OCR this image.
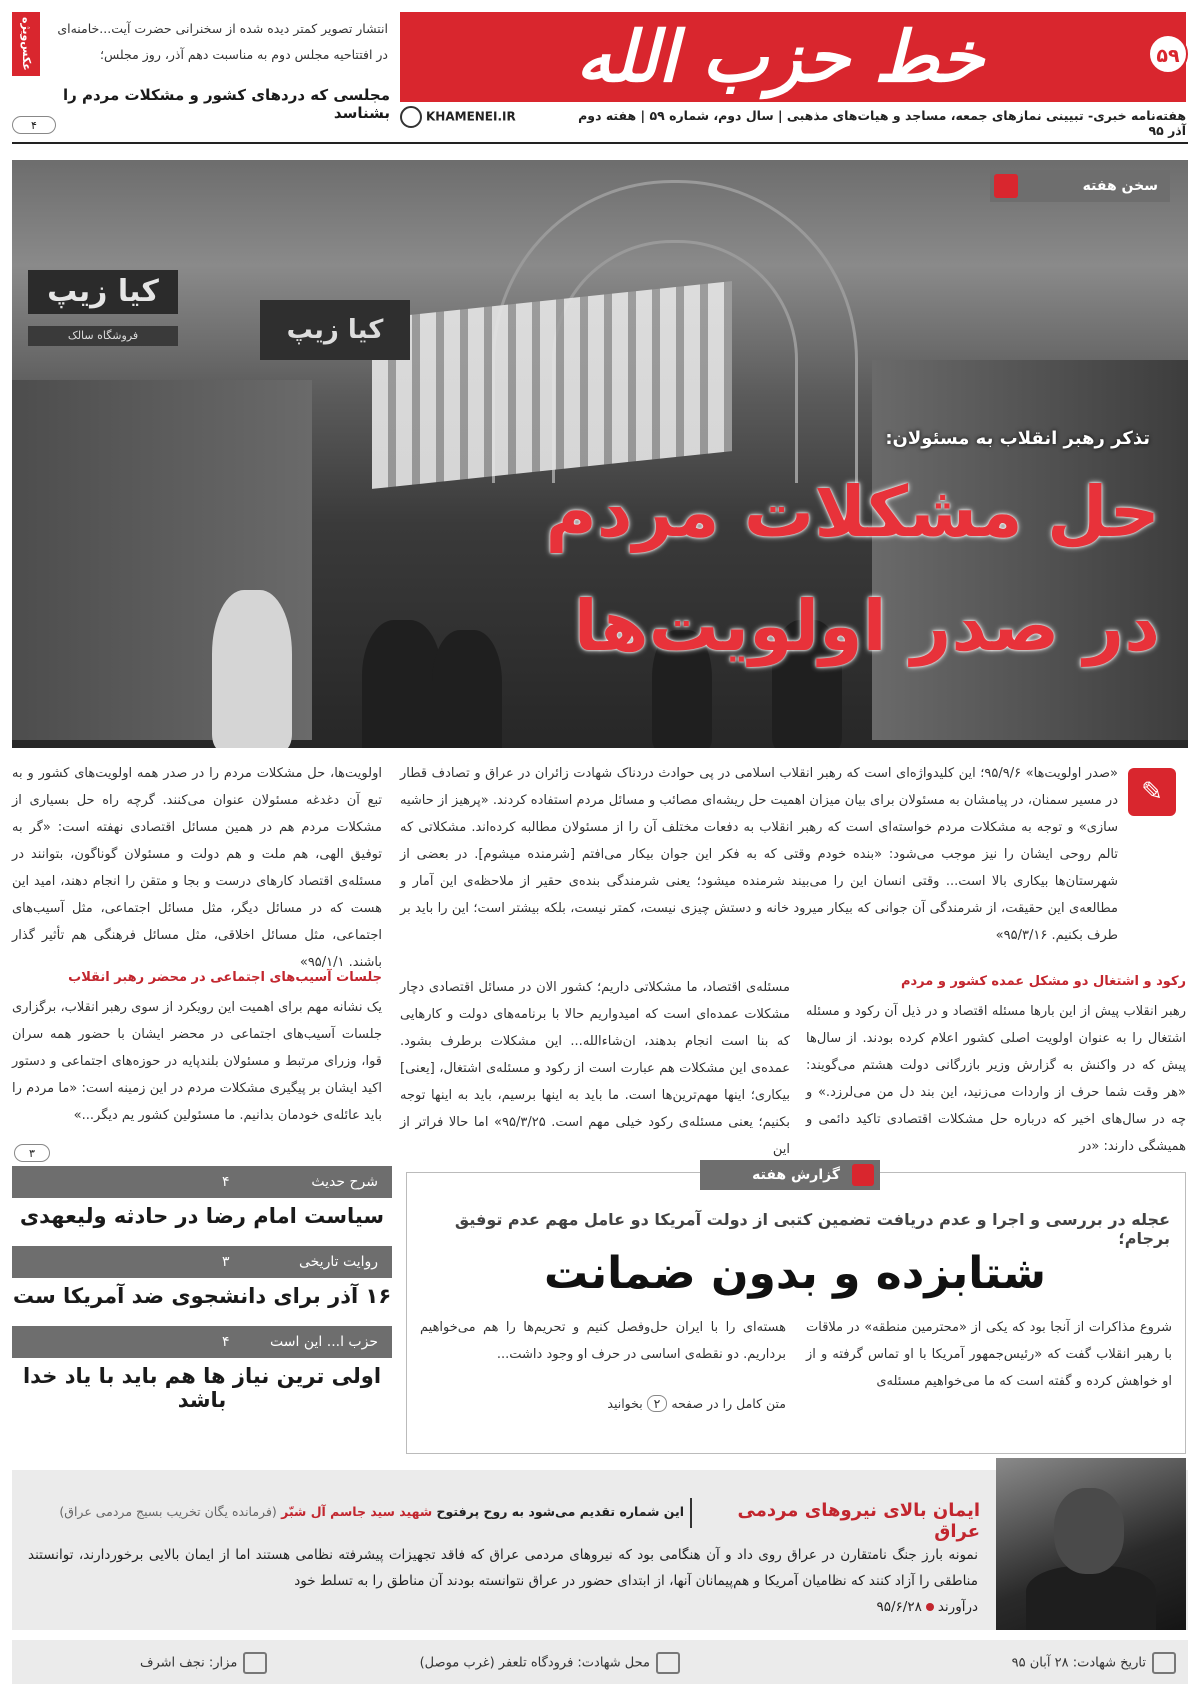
خط حزب الله	۵۹
هفته‌نامه خبری- تبیینی نمازهای جمعه، مساجد و هیات‌های مذهبی | سال دوم، شماره ۵۹ | هفته دوم آذر ۹۵
KHAMENEI.IR
عکس‌ویژه	انتشار تصویر کمتر دیده شده از سخنرانی حضرت آیت...خامنه‌ای در افتتاحیه مجلس دوم به مناسبت دهم آذر، روز مجلس؛
مجلسی که دردهای کشور و مشکلات مردم را بشناسد
۴
کیا زیپ
فروشگاه سالک	کیا زیپ
سخن هفته
تذکر رهبر انقلاب به مسئولان:
حل مشکلات مردم
در صدر اولویت‌ها
✎
«صدر اولویت‌ها» ۹۵/۹/۶؛ این کلیدواژه‌ای است که رهبر انقلاب اسلامی در پی حوادث دردناک شهادت زائران در عراق و تصادف قطار در مسیر سمنان، در پیامشان به مسئولان برای بیان میزان اهمیت حل ریشه‌ای مصائب و مسائل مردم استفاده کردند. «پرهیز از حاشیه سازی» و توجه به مشکلات مردم خواسته‌ای است که رهبر انقلاب به دفعات مختلف آن را از مسئولان مطالبه کرده‌اند. مشکلاتی که تالم روحی ایشان را نیز موجب می‌شود: «بنده خودم وقتی که به فکر این جوان بیکار می‌افتم [شرمنده میشوم]. در بعضی از شهرستان‌ها بیکاری بالا است... وقتی انسان این را می‌بیند شرمنده میشود؛ یعنی شرمندگی بنده‌ی حقیر از ملاحظه‌ی این آمار و مطالعه‌ی این حقیقت، از شرمندگی آن جوانی که بیکار میرود خانه و دستش چیزی نیست، کمتر نیست، بلکه بیشتر است؛ این را باید بر طرف بکنیم. ۹۵/۳/۱۶»
اولویت‌ها، حل مشکلات مردم را در صدر همه اولویت‌های کشور و به تبع آن دغدغه مسئولان عنوان می‌کنند. گرچه راه حل بسیاری از مشکلات مردم هم در همین مسائل اقتصادی نهفته است: «گر به توفیق الهی، هم ملت و هم دولت و مسئولان گوناگون، بتوانند در مسئله‌ی اقتصاد کارهای درست و بجا و متقن را انجام دهند، امید این هست که در مسائل دیگر، مثل مسائل اجتماعی، مثل آسیب‌های اجتماعی، مثل مسائل اخلاقی، مثل مسائل فرهنگی هم تأثیر گذار باشند. ۹۵/۱/۱»
رکود و اشتغال دو مشکل عمده کشور و مردم
رهبر انقلاب پیش از این بارها مسئله اقتصاد و در ذیل آن رکود و مسئله اشتغال را به عنوان اولویت اصلی کشور اعلام کرده بودند. از سال‌ها پیش که در واکنش به گزارش وزیر بازرگانی دولت هشتم می‌گویند: «هر وقت شما حرف از واردات می‌زنید، این بند دل من می‌لرزد.» و چه در سال‌های اخیر که درباره حل مشکلات اقتصادی تاکید دائمی و همیشگی دارند: «در
مسئله‌ی اقتصاد، ما مشکلاتی داریم؛ کشور الان در مسائل اقتصادی دچار مشکلات عمده‌ای است که امیدواریم حالا با برنامه‌های دولت و کارهایی که بنا است انجام بدهند، ان‌شاءالله... این مشکلات برطرف بشود. عمده‌ی این مشکلات هم عبارت است از رکود و مسئله‌ی اشتغال، [یعنی] بیکاری؛ اینها مهم‌ترین‌ها است. ما باید به اینها برسیم، باید به اینها توجه بکنیم؛ یعنی مسئله‌ی رکود خیلی مهم است. ۹۵/۳/۲۵» اما حالا فراتر از این
جلسات آسیب‌های اجتماعی در محضر رهبر انقلاب
یک نشانه مهم برای اهمیت این رویکرد از سوی رهبر انقلاب، برگزاری جلسات آسیب‌های اجتماعی در محضر ایشان با حضور همه سران قوا، وزرای مرتبط و مسئولان بلندپایه در حوزه‌های اجتماعی و دستور اکید ایشان بر پیگیری مشکلات مردم در این زمینه است: «ما مردم را باید عائله‌ی خودمان بدانیم. ما مسئولین کشور یم دیگر...»
۳
شرح حدیث
۴
سیاست امام رضا در حادثه ولیعهدی
روایت تاریخی
۳
۱۶ آذر برای دانشجوی ضد آمریکا ست
حزب ا... این است
۴
اولی ترین نیاز ها هم باید با یاد خدا باشد
گزارش هفته
عجله در بررسی و اجرا و عدم دریافت تضمین کتبی از دولت آمریکا دو عامل مهم عدم توفیق برجام؛
شتابزده و بدون ضمانت
شروع مذاکرات از آنجا بود که یکی از «محترمین منطقه» در ملاقات با رهبر انقلاب گفت که «رئیس‌جمهور آمریکا با او تماس گرفته و از او خواهش کرده و گفته است که ما می‌خواهیم مسئله‌ی
هسته‌ای را با ایران حل‌وفصل کنیم و تحریم‌ها را هم می‌خواهیم برداریم. دو نقطه‌ی اساسی در حرف او وجود داشت...
متن کامل را در صفحه ۲ بخوانید
ایمان بالای نیروهای مردمی عراق
این شماره تقدیم می‌شود به روح پرفتوح شهید سید جاسم آل شبّر (فرمانده یگان تخریب بسیج مردمی عراق)
نمونه بارز جنگ نامتقارن در عراق روی داد و آن هنگامی بود که نیروهای مردمی عراق که فاقد تجهیزات پیشرفته نظامی هستند اما از ایمان بالایی برخوردارند، توانستند مناطقی را آزاد کنند که نظامیان آمریکا و هم‌پیمانان آنها، از ابتدای حضور در عراق نتوانسته بودند آن مناطق را به تسلط خود
درآورند۹۵/۶/۲۸
تاریخ شهادت: ۲۸ آبان ۹۵
محل شهادت: فرودگاه تلعفر (غرب موصل)
مزار: نجف اشرف
